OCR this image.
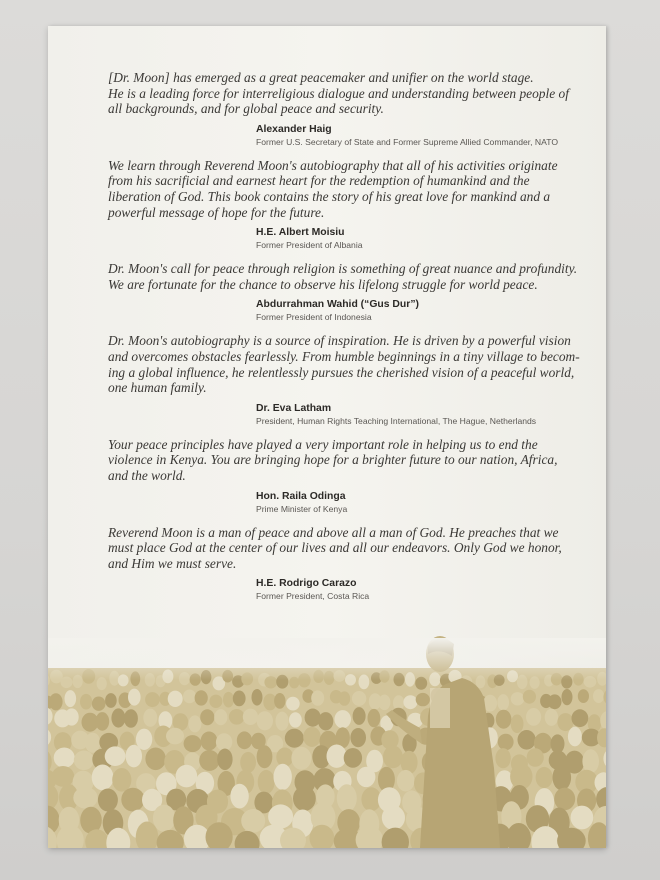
[Dr. Moon] has emerged as a great peacemaker and unifier on the world stage.
He is a leading force for interreligious dialogue and understanding between people of
all backgrounds, and for global peace and security.

Alexander Haig
Former U.S. Secretary of State and Former Supreme Allied Commander, NATO

We learn through Reverend Moon's autobiography that all of his activities originate
from his sacrificial and earnest heart for the redemption of humankind and the
liberation of God. This book contains the story of his great love for mankind and a
powerful message of hope for the future.

H.E. Albert Moisiu
Former President of Albania

Dr. Moon's call for peace through religion is something of great nuance and profundity.
We are fortunate for the chance to observe his lifelong struggle for world peace.

Abdurrahman Wahid (“Gus Dur”)
Former President of Indonesia

Dr. Moon's autobiography is a source of inspiration. He is driven by a powerful vision
and overcomes obstacles fearlessly. From humble beginnings in a tiny village to becom-
ing a global influence, he relentlessly pursues the cherished vision of a peaceful world,
one human family.

Dr. Eva Latham
President, Human Rights Teaching International, The Hague, Netherlands

Your peace principles have played a very important role in helping us to end the
violence in Kenya. You are bringing hope for a brighter future to our nation, Africa,
and the world.

Hon. Raila Odinga
Prime Minister of Kenya

Reverend Moon is a man of peace and above all a man of God. He preaches that we
must place God at the center of our lives and all our endeavors. Only God we honor,
and Him we must serve.

H.E. Rodrigo Carazo
Former President, Costa Rica
